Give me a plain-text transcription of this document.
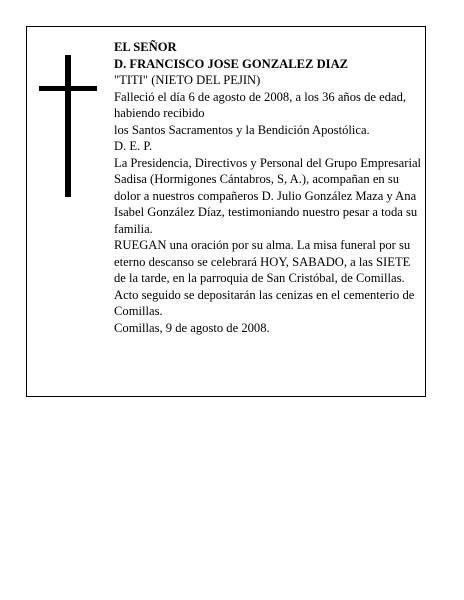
EL SEÑOR

D. FRANCISCO JOSE GONZALEZ DIAZ

"TITI" (NIETO DEL PEJIN)

Falleció el día 6 de agosto de 2008, a los 36 años de edad, habiendo recibido

los Santos Sacramentos y la Bendición Apostólica.

D. E. P.

La Presidencia, Directivos y Personal del Grupo Empresarial Sadisa (Hormigones Cántabros, S, A.), acompañan en su dolor a nuestros compañeros D. Julio González Maza y Ana Isabel González Díaz, testimoniando nuestro pesar a toda su familia.

RUEGAN una oración por su alma. La misa funeral por su eterno descanso se celebrará HOY, SABADO, a las SIETE de la tarde, en la parroquia de San Cristóbal, de Comillas. Acto seguido se depositarán las cenizas en el cementerio de Comillas.

Comillas, 9 de agosto de 2008.
